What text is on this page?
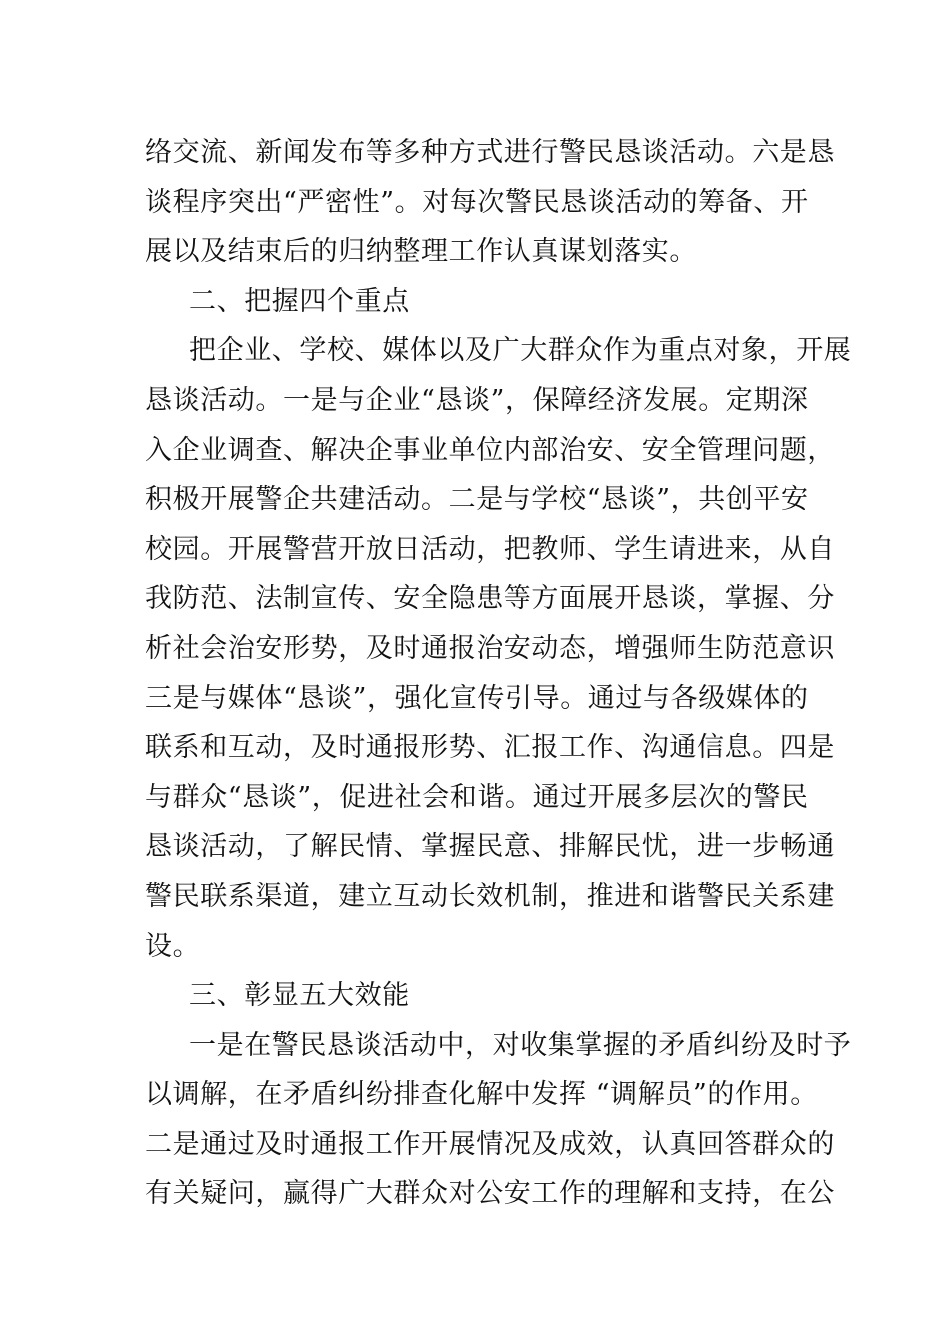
络交流、新闻发布等多种方式进行警民恳谈活动。六是恳
谈程序突出“严密性”。对每次警民恳谈活动的筹备、开
展以及结束后的归纳整理工作认真谋划落实。
二、把握四个重点
把企业、学校、媒体以及广大群众作为重点对象，开展
恳谈活动。一是与企业“恳谈”，保障经济发展。定期深
入企业调查、解决企事业单位内部治安、安全管理问题，
积极开展警企共建活动。二是与学校“恳谈”，共创平安
校园。开展警营开放日活动，把教师、学生请进来，从自
我防范、法制宣传、安全隐患等方面展开恳谈，掌握、分
析社会治安形势，及时通报治安动态，增强师生防范意识
三是与媒体“恳谈”，强化宣传引导。通过与各级媒体的
联系和互动，及时通报形势、汇报工作、沟通信息。四是
与群众“恳谈”，促进社会和谐。通过开展多层次的警民
恳谈活动，了解民情、掌握民意、排解民忧，进一步畅通
警民联系渠道，建立互动长效机制，推进和谐警民关系建
设。
三、彰显五大效能
一是在警民恳谈活动中，对收集掌握的矛盾纠纷及时予
以调解，在矛盾纠纷排查化解中发挥 “调解员”的作用。
二是通过及时通报工作开展情况及成效，认真回答群众的
有关疑问，赢得广大群众对公安工作的理解和支持，在公
